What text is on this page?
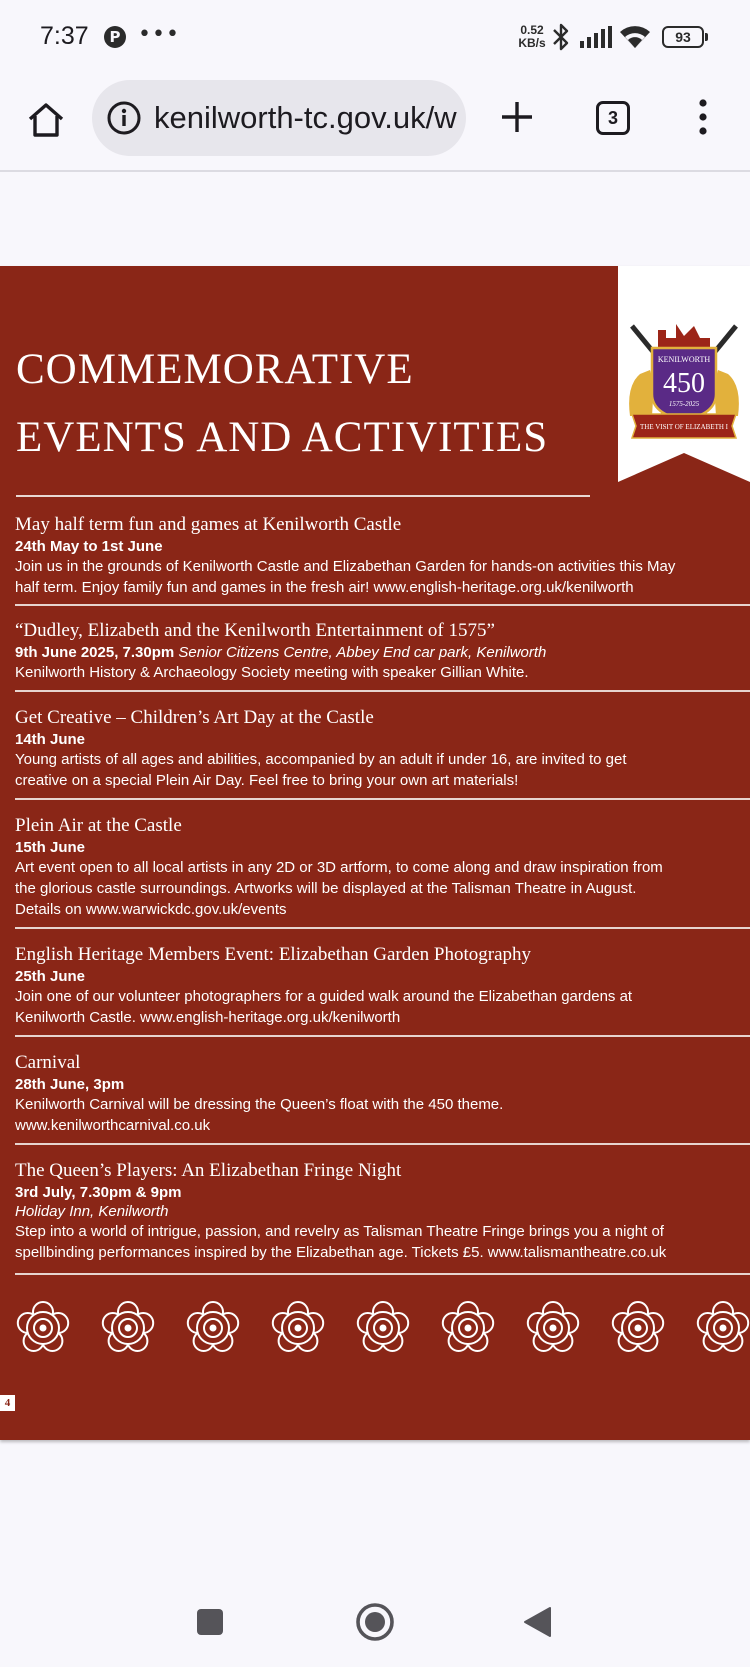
7:37	P •••	0.52
KB/s	93
kenilworth-tc.gov.uk/w	3
KENILWORTH
450
1575-2025
THE VISIT OF ELIZABETH I
COMMEMORATIVE
EVENTS AND ACTIVITIES
May half term fun and games at Kenilworth Castle
24th May to 1st June
Join us in the grounds of Kenilworth Castle and Elizabethan Garden for hands-on activities this May
half term. Enjoy family fun and games in the fresh air! www.english-heritage.org.uk/kenilworth
“Dudley, Elizabeth and the Kenilworth Entertainment of 1575”
9th June 2025, 7.30pm Senior Citizens Centre, Abbey End car park, Kenilworth
Kenilworth History & Archaeology Society meeting with speaker Gillian White.
Get Creative – Children’s Art Day at the Castle
14th June
Young artists of all ages and abilities, accompanied by an adult if under 16, are invited to get
creative on a special Plein Air Day. Feel free to bring your own art materials!
Plein Air at the Castle
15th June
Art event open to all local artists in any 2D or 3D artform, to come along and draw inspiration from
the glorious castle surroundings. Artworks will be displayed at the Talisman Theatre in August.
Details on www.warwickdc.gov.uk/events
English Heritage Members Event: Elizabethan Garden Photography
25th June
Join one of our volunteer photographers for a guided walk around the Elizabethan gardens at
Kenilworth Castle. www.english-heritage.org.uk/kenilworth
Carnival
28th June, 3pm
Kenilworth Carnival will be dressing the Queen’s float with the 450 theme.
www.kenilworthcarnival.co.uk
The Queen’s Players: An Elizabethan Fringe Night
3rd July, 7.30pm & 9pm
Holiday Inn, Kenilworth
Step into a world of intrigue, passion, and revelry as Talisman Theatre Fringe brings you a night of
spellbinding performances inspired by the Elizabethan age. Tickets £5. www.talismantheatre.co.uk
4
